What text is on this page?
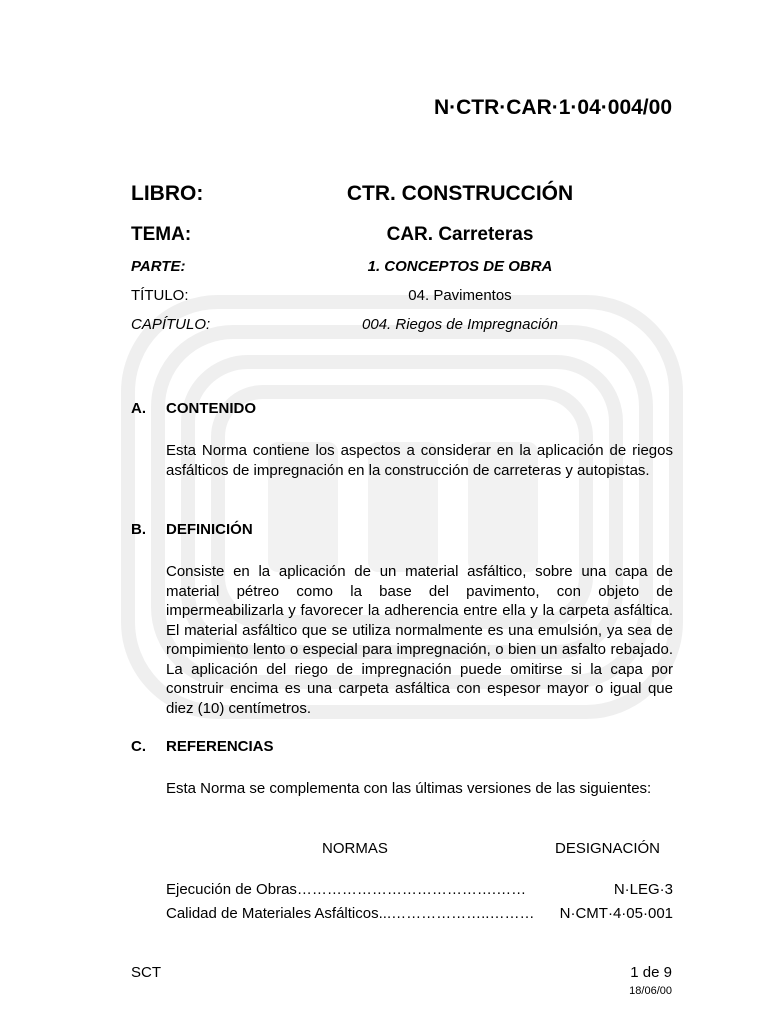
N·CTR·CAR·1·04·004/00
LIBRO:	CTR. CONSTRUCCIÓN
TEMA:	CAR. Carreteras
PARTE:	1. CONCEPTOS DE OBRA
TÍTULO:	04. Pavimentos
CAPÍTULO:	004. Riegos de Impregnación
A. CONTENIDO
Esta Norma contiene los aspectos a considerar en la aplicación de riegos asfálticos de impregnación en la construcción de carreteras y autopistas.
B. DEFINICIÓN
Consiste en la aplicación de un material asfáltico, sobre una capa de material pétreo como la base del pavimento, con objeto de impermeabilizarla y favorecer la adherencia entre ella y la carpeta asfáltica. El material asfáltico que se utiliza normalmente es una emulsión, ya sea de rompimiento lento o especial para impregnación, o bien un asfalto rebajado. La aplicación del riego de impregnación puede omitirse si la capa por construir encima es una carpeta asfáltica con espesor mayor o igual que diez (10) centímetros.
C. REFERENCIAS
Esta Norma se complementa con las últimas versiones de las siguientes:
NORMAS	DESIGNACIÓN
Ejecución de Obras ………………………………….……	N·LEG·3
Calidad de Materiales Asfálticos ...………………..………	N·CMT·4·05·001
SCT	1 de 9
18/06/00
